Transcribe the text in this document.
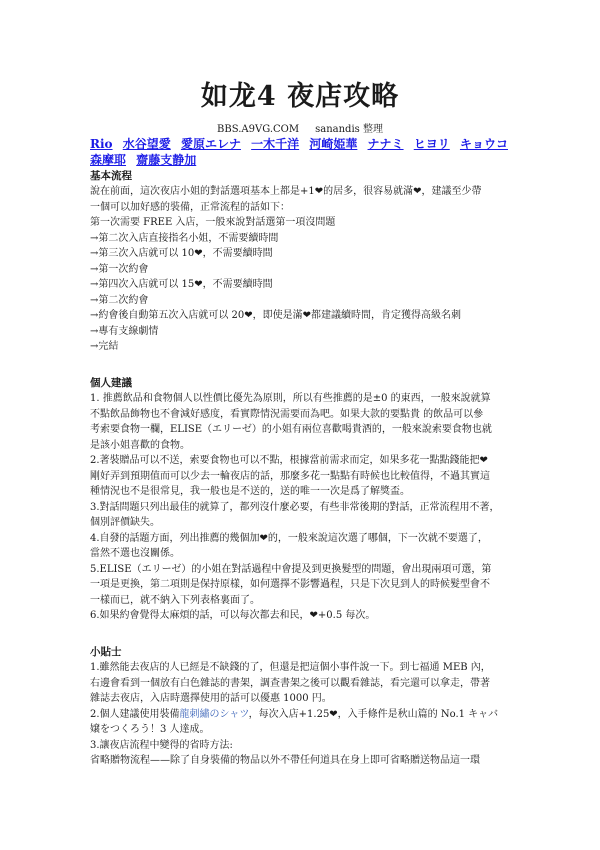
如龙4 夜店攻略
BBS.A9VG.COM sanandis 整理
Rio 水谷望愛 愛原エレナ 一木千洋 河崎姫華 ナナミ ヒヨリ キョウコ 森摩耶 齋藤支静加
基本流程
說在前面，這次夜店小姐的對話選項基本上都是+1❤的居多，很容易就滿❤，建議至少帶
一個可以加好感的裝備，正常流程的話如下：
第一次需要 FREE 入店，一般來說對話選第一項沒問題
→第二次入店直接指名小姐，不需要續時間
→第三次入店就可以 10❤，不需要續時間
→第一次約會
→第四次入店就可以 15❤，不需要續時間
→第二次約會
→約會後自動第五次入店就可以 20❤，即使是滿❤都建議續時間，肯定獲得高級名刺
→專有支線劇情
→完結
個人建議
1. 推薦飲品和食物個人以性價比優先為原則，所以有些推薦的是±0 的東西，一般來說就算
不點飲品飾物也不會減好感度，看實際情況需要而為吧。如果大款的要點貴 的飲品可以參
考索要食物一欄，ELISE（エリーゼ）的小姐有兩位喜歡喝貴酒的，一般來說索要食物也就
是該小姐喜歡的食物。
2.著裝贈品可以不送，索要食物也可以不點，根據當前需求而定，如果多花一點點錢能把❤
剛好弄到預期值而可以少去一輪夜店的話，那麼多花一點點有時候也比較值得，不過其實這
種情況也不是很常見，我一般也是不送的，送的唯一一次是爲了解獎盃。
3.對話問題只列出最佳的就算了，都列沒什麼必要，有些非常後期的對話，正常流程用不著，
個別評價缺失。
4.自發的話題方面，列出推薦的幾個加❤的，一般來說這次選了哪個，下一次就不要選了，
當然不選也沒關係。
5.ELISE（エリーゼ）的小姐在對話過程中會提及到更換髮型的問題，會出現兩項可選，第
一項是更換，第二項則是保持原樣，如何選擇不影響過程，只是下次見到人的時候髮型會不
一樣而已，就不納入下列表格裏面了。
6.如果約會覺得太麻煩的話，可以每次都去和民，❤+0.5 每次。
小貼士
1.雖然能去夜店的人已經是不缺錢的了，但還是把這個小事件說一下。到七福通 MEB 內，
右邊會看到一個放有白色雜誌的書架，調查書架之後可以觀看雜誌，看完還可以拿走，帶著
雜誌去夜店，入店時選擇使用的話可以優惠 1000 円。
2.個人建議使用裝備龍刺繡のシャツ，每次入店+1.25❤，入手條件是秋山篇的 No.1 キャバ
嬢をつくろう！3 人達成。
3.讓夜店流程中變得的省時方法:
省略贈物流程——除了自身裝備的物品以外不帶任何道具在身上即可省略贈送物品這一環
